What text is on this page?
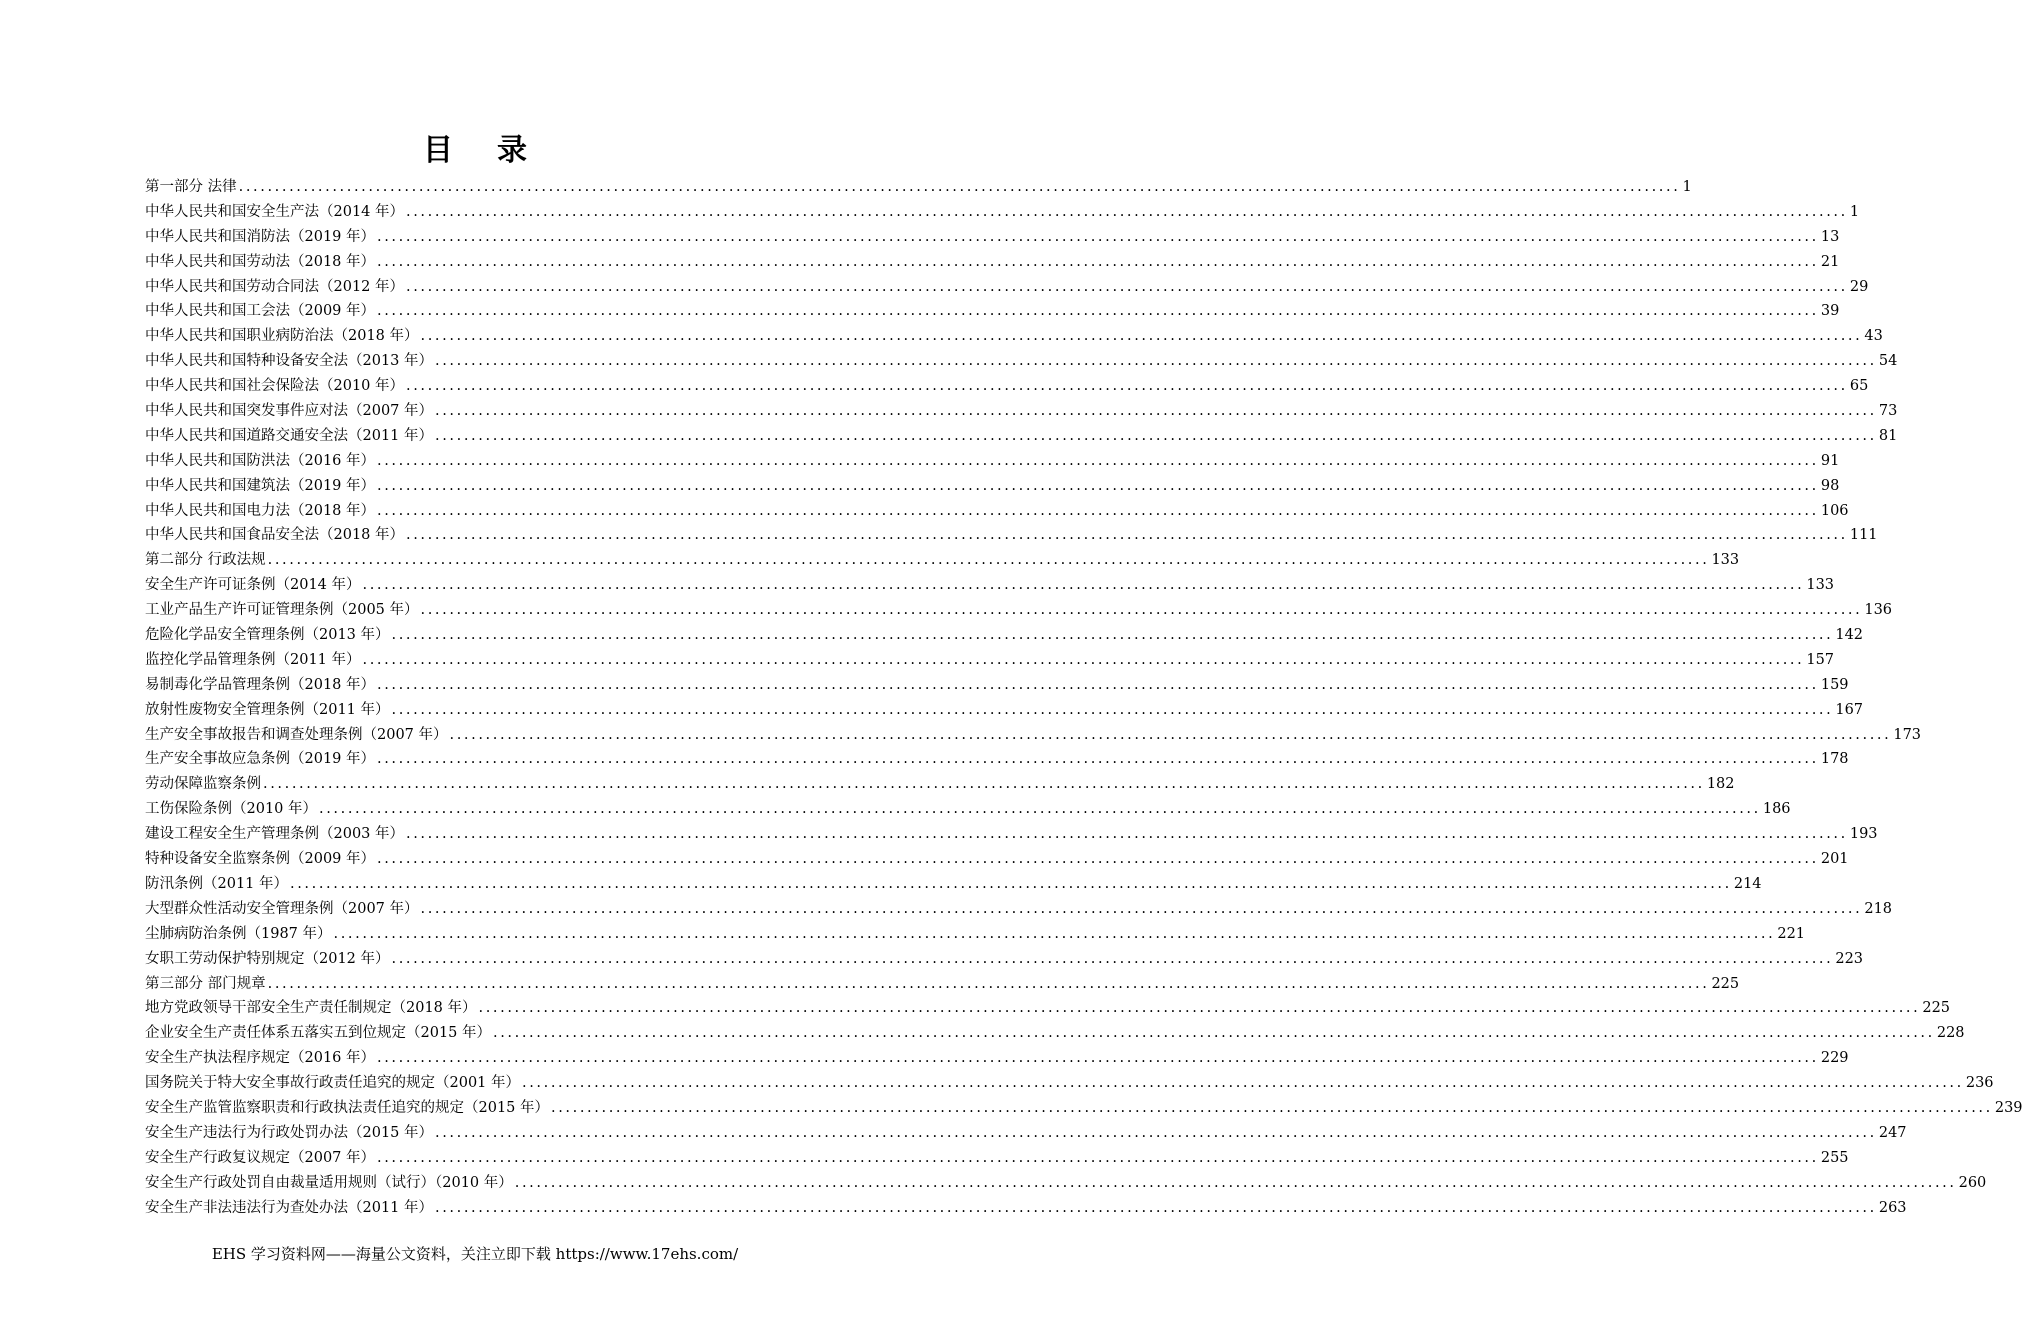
目录
第一部分 法律 ........................................................................................................................................................................................................ 1
中华人民共和国安全生产法（2014 年） ........................................................................................................................................................................................................ 1
中华人民共和国消防法（2019 年） ........................................................................................................................................................................................................ 13
中华人民共和国劳动法（2018 年） ........................................................................................................................................................................................................ 21
中华人民共和国劳动合同法（2012 年） ........................................................................................................................................................................................................ 29
中华人民共和国工会法（2009 年） ........................................................................................................................................................................................................ 39
中华人民共和国职业病防治法（2018 年） ........................................................................................................................................................................................................ 43
中华人民共和国特种设备安全法（2013 年） ........................................................................................................................................................................................................ 54
中华人民共和国社会保险法（2010 年） ........................................................................................................................................................................................................ 65
中华人民共和国突发事件应对法（2007 年） ........................................................................................................................................................................................................ 73
中华人民共和国道路交通安全法（2011 年） ........................................................................................................................................................................................................ 81
中华人民共和国防洪法（2016 年） ........................................................................................................................................................................................................ 91
中华人民共和国建筑法（2019 年） ........................................................................................................................................................................................................ 98
中华人民共和国电力法（2018 年） ........................................................................................................................................................................................................ 106
中华人民共和国食品安全法（2018 年） ........................................................................................................................................................................................................ 111
第二部分 行政法规 ........................................................................................................................................................................................................ 133
安全生产许可证条例（2014 年） ........................................................................................................................................................................................................ 133
工业产品生产许可证管理条例（2005 年） ........................................................................................................................................................................................................ 136
危险化学品安全管理条例（2013 年） ........................................................................................................................................................................................................ 142
监控化学品管理条例（2011 年） ........................................................................................................................................................................................................ 157
易制毒化学品管理条例（2018 年） ........................................................................................................................................................................................................ 159
放射性废物安全管理条例（2011 年） ........................................................................................................................................................................................................ 167
生产安全事故报告和调查处理条例（2007 年） ........................................................................................................................................................................................................ 173
生产安全事故应急条例（2019 年） ........................................................................................................................................................................................................ 178
劳动保障监察条例 ........................................................................................................................................................................................................ 182
工伤保险条例（2010 年） ........................................................................................................................................................................................................ 186
建设工程安全生产管理条例（2003 年） ........................................................................................................................................................................................................ 193
特种设备安全监察条例（2009 年） ........................................................................................................................................................................................................ 201
防汛条例（2011 年） ........................................................................................................................................................................................................ 214
大型群众性活动安全管理条例（2007 年） ........................................................................................................................................................................................................ 218
尘肺病防治条例（1987 年） ........................................................................................................................................................................................................ 221
女职工劳动保护特别规定（2012 年） ........................................................................................................................................................................................................ 223
第三部分 部门规章 ........................................................................................................................................................................................................ 225
地方党政领导干部安全生产责任制规定（2018 年） ........................................................................................................................................................................................................ 225
企业安全生产责任体系五落实五到位规定（2015 年） ........................................................................................................................................................................................................ 228
安全生产执法程序规定（2016 年） ........................................................................................................................................................................................................ 229
国务院关于特大安全事故行政责任追究的规定（2001 年） ........................................................................................................................................................................................................ 236
安全生产监管监察职责和行政执法责任追究的规定（2015 年） ........................................................................................................................................................................................................ 239
安全生产违法行为行政处罚办法（2015 年） ........................................................................................................................................................................................................ 247
安全生产行政复议规定（2007 年） ........................................................................................................................................................................................................ 255
安全生产行政处罚自由裁量适用规则（试行）（2010 年） ........................................................................................................................................................................................................ 260
安全生产非法违法行为查处办法（2011 年） ........................................................................................................................................................................................................ 263
EHS 学习资料网——海量公文资料，关注立即下载 https://www.17ehs.com/
